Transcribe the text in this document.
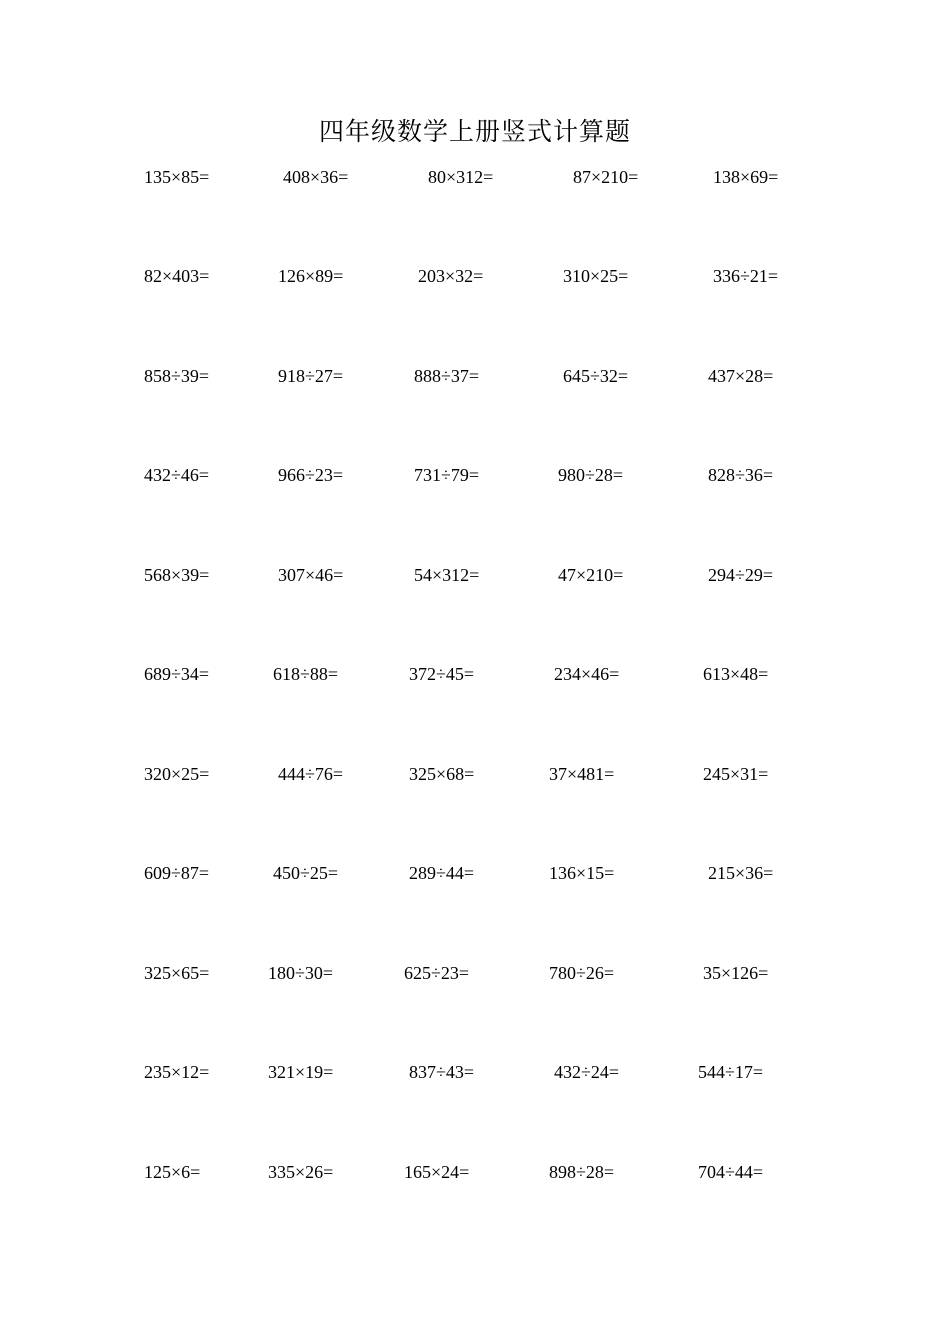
四年级数学上册竖式计算题
135×85=	408×36=	80×312=	87×210=	138×69=
82×403=	126×89=	203×32=	310×25=	336÷21=
858÷39=	918÷27=	888÷37=	645÷32=	437×28=
432÷46=	966÷23=	731÷79=	980÷28=	828÷36=
568×39=	307×46=	54×312=	47×210=	294÷29=
689÷34=	618÷88=	372÷45=	234×46=	613×48=
320×25=	444÷76=	325×68=	37×481=	245×31=
609÷87=	450÷25=	289÷44=	136×15=	215×36=
325×65=	180÷30=	625÷23=	780÷26=	35×126=
235×12=	321×19=	837÷43=	432÷24=	544÷17=
125×6=	335×26=	165×24=	898÷28=	704÷44=
